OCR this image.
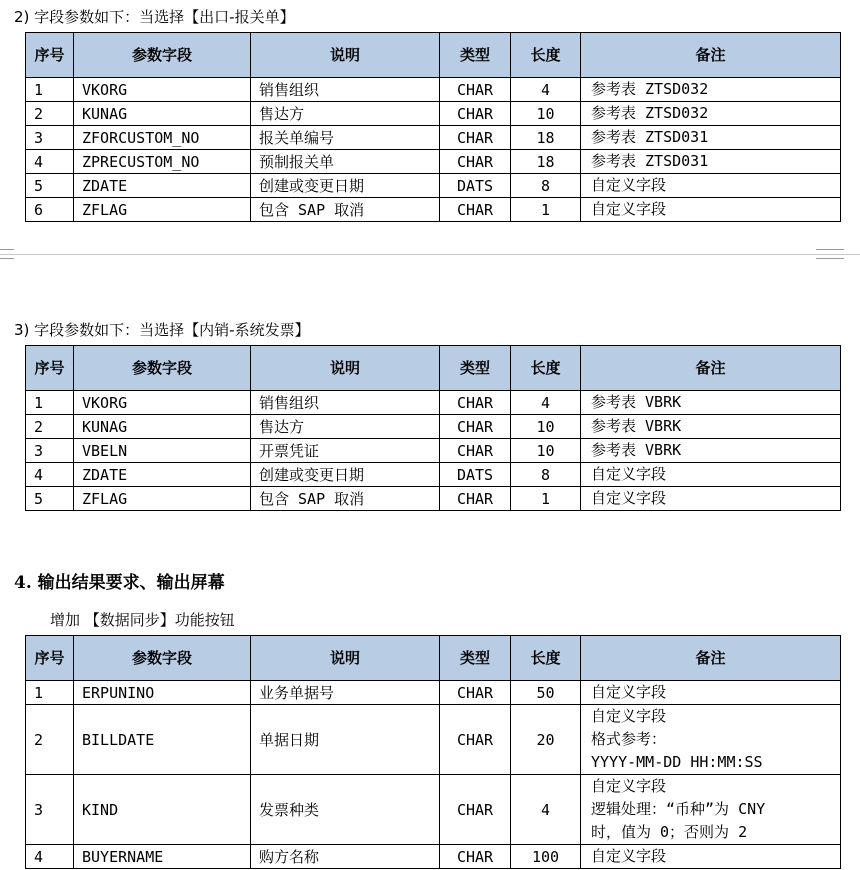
2) 字段参数如下：当选择【出口-报关单】
序号	参数字段	说明	类型	长度	备注
1	VKORG	销售组织	CHAR	4	参考表 ZTSD032
2	KUNAG	售达方	CHAR	10	参考表 ZTSD032
3	ZFORCUSTOM_NO	报关单编号	CHAR	18	参考表 ZTSD031
4	ZPRECUSTOM_NO	预制报关单	CHAR	18	参考表 ZTSD031
5	ZDATE	创建或变更日期	DATS	8	自定义字段
6	ZFLAG	包含 SAP 取消	CHAR	1	自定义字段
3) 字段参数如下：当选择【内销-系统发票】
序号	参数字段	说明	类型	长度	备注
1	VKORG	销售组织	CHAR	4	参考表 VBRK
2	KUNAG	售达方	CHAR	10	参考表 VBRK
3	VBELN	开票凭证	CHAR	10	参考表 VBRK
4	ZDATE	创建或变更日期	DATS	8	自定义字段
5	ZFLAG	包含 SAP 取消	CHAR	1	自定义字段
4. 输出结果要求、输出屏幕
增加 【数据同步】功能按钮
序号	参数字段	说明	类型	长度	备注
1	ERPUNINO	业务单据号	CHAR	50	自定义字段

2	BILLDATE	单据日期	CHAR	20	自定义字段
格式参考：
YYYY-MM-DD HH:MM:SS

3	KIND	发票种类	CHAR	4	自定义字段
逻辑处理：“币种”为 CNY
时，值为 0；否则为 2

4	BUYERNAME	购方名称	CHAR	100	自定义字段
